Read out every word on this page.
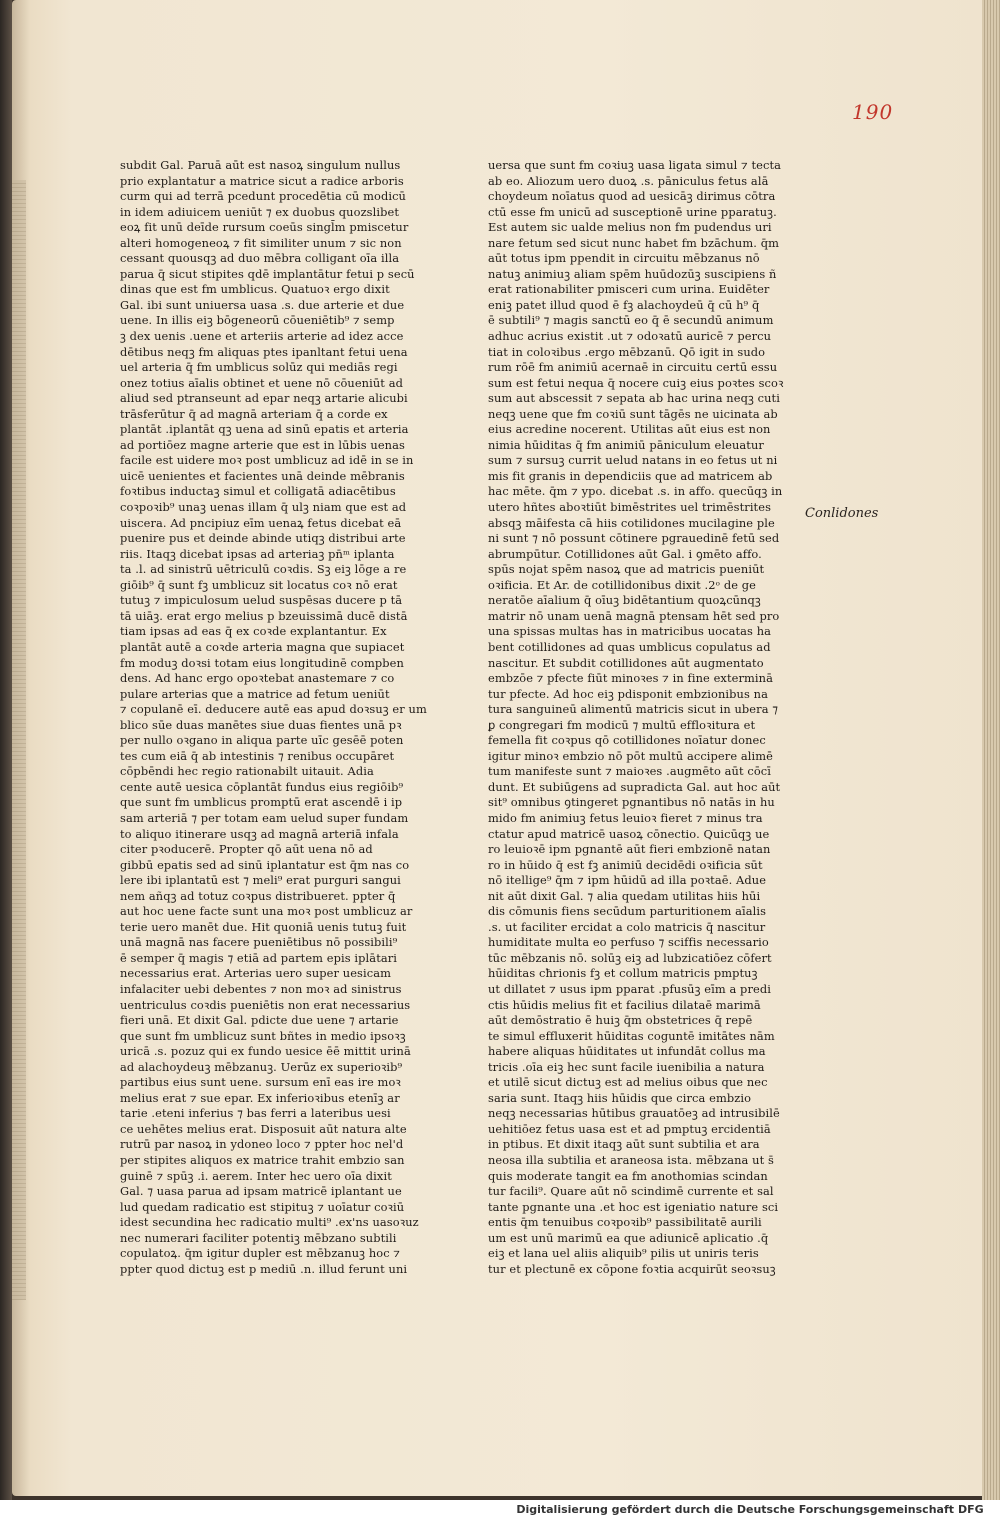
190
subdit Gal. Paruā aūt est nasoꝝ singulum nullus
prio explantatur a matrice sicut a radice arboris
curm qui ad terrā pcedunt procedētia cū modicū
in idem adiuicem ueniūt ⁊ ex duobus quozslibet
eoꝝ fit unū deīde rursum coeūs singl̄m pmiscetur
alteri homogeneoꝝ ⁊ fit similiter unum ⁊ sic non
cessant quousqꝫ ad duo mēbra colligant oīa illa
parua q̄ sicut stipites qdē implantātur fetui p secū
dinas que est fm umblicus. Quatuoꝛ ergo dixit
Gal. ibi sunt uniuersa uasa .s. due arterie et due
uene. In illis eiꝫ bōgeneorū cōueniētib⁹ ⁊ semp
ꝫ dex uenis .uene et arteriis arterie ad idez acce
dētibus neqꝫ fm aliquas ptes ipanltant fetui uena
uel arteria q̄ fm umblicus solūz qui mediās regi
onez totius aīalis obtinet et uene nō cōueniūt ad
aliud sed ptranseunt ad epar neqꝫ artarie alicubi
trāsferūtur q̄ ad magnā arteriam q̄ a corde ex
plantāt .iplantāt qꝫ uena ad sinū epatis et arteria
ad portiōez magne arterie que est in lūbis uenas
facile est uidere moꝛ post umblicuz ad idē in se in
uicē uenientes et facientes unā deinde mēbranis
foꝛtibus inductaꝫ simul et colligatā adiacētibus
coꝛpoꝛib⁹ unaꝫ uenas illam q̄ ulꝫ niam que est ad
uiscera. Ad pncipiuz eīm uenaꝝ fetus dicebat eā
puenire pus et deinde abinde utiqꝫ distribui arte
riis. Itaqꝫ dicebat ipsas ad arteriaꝫ pn̄ᵐ iplanta
ta .l. ad sinistrū uētriculū coꝛdis. Sꝫ eiꝫ lōge a re
giōib⁹ q̄ sunt fꝫ umblicuz sit locatus coꝛ nō erat
tutuꝫ ⁊ impiculosum uelud suspēsas ducere p tā
tā uiāꝫ. erat ergo melius p bzeuissimā ducē distā
tiam ipsas ad eas q̄ ex coꝛde explantantur. Ex
plantāt autē a coꝛde arteria magna que supiacet
fm moduꝫ doꝛsi totam eius longitudinē compben
dens. Ad hanc ergo opoꝛtebat anastemare ⁊ co
pulare arterias que a matrice ad fetum ueniūt
⁊ copulanē eī. deducere autē eas apud doꝛsuꝫ er um
blico sūe duas manētes siue duas fientes unā pꝛ
per nullo oꝛgano in aliqua parte uīc gesēē poten
tes cum eiā q̄ ab intestinis ⁊ renibus occupāret
cōpbēndi hec regio rationabilt uitauit. Adia
cente autē uesica cōplantāt fundus eius regiōib⁹
que sunt fm umblicus promptū erat ascendē i ip
sam arteriā ⁊ per totam eam uelud super fundam
to aliquo itinerare usqꝫ ad magnā arteriā infala
citer pꝛoducerē. Propter qō aūt uena nō ad
gibbū epatis sed ad sinū iplantatur est q̄m nas co
lere ibi iplantatū est ⁊ meli⁹ erat purguri sangui
nem añqꝫ ad totuz coꝛpus distribueret. ppter q̄
aut hoc uene facte sunt una moꝛ post umblicuz ar
terie uero manēt due. Hit quoniā uenis tutuꝫ fuit
unā magnā nas facere pueniētibus nō possibili⁹
ē semper q̄ magis ⁊ etiā ad partem epis iplātari
necessarius erat. Arterias uero super uesicam
infalaciter uebi debentes ⁊ non moꝛ ad sinistrus
uentriculus coꝛdis pueniētis non erat necessarius
fieri unā. Et dixit Gal. pdicte due uene ⁊ artarie
que sunt fm umblicuz sunt bñtes in medio ipsoꝛꝫ
uricā .s. pozuz qui ex fundo uesice ēē mittit urinā
ad alachoydeuꝫ mēbzanuꝫ. Uerūz ex superioꝛib⁹
partibus eius sunt uene. sursum enī eas ire moꝛ
melius erat ⁊ sue epar. Ex inferioꝛibus etenīꝫ ar
tarie .eteni inferius ⁊ bas ferri a lateribus uesi
ce uehētes melius erat. Disposuit aūt natura alte
rutrū par nasoꝝ in ydoneo loco ⁊ ppter hoc nel'd
per stipites aliquos ex matrice trahit embzio san
guinē ⁊ spūꝫ .i. aerem. Inter hec uero oīa dixit
Gal. ⁊ uasa parua ad ipsam matricē iplantant ue
lud quedam radicatio est stipituꝫ ⁊ uoīatur coꝛiū
idest secundina hec radicatio multi⁹ .ex'ns uasoꝛuz
nec numerari faciliter potentiꝫ mēbzano subtili
copulatoꝝ. q̄m igitur dupler est mēbzanuꝫ hoc ⁊
ppter quod dictuꝫ est p mediū .n. illud ferunt uni
uersa que sunt fm coꝛiuꝫ uasa ligata simul ⁊ tecta
ab eo. Aliozum uero duoꝝ .s. pāniculus fetus alā
choydeum noīatus quod ad uesicāꝫ dirimus cōtra
ctū esse fm unicū ad susceptionē urine pparatuꝫ.
Est autem sic ualde melius non fm pudendus uri
nare fetum sed sicut nunc habet fm bzāchum. q̄m
aūt totus ipm ppendit in circuitu mēbzanus nō
natuꝫ animiuꝫ aliam spēm huūdozūꝫ suscipiens ñ
erat rationabiliter pmisceri cum urina. Euidēter
eniꝫ patet illud quod ē fꝫ alachoydeū q̄ cū h⁹ q̄
ē subtili⁹ ⁊ magis sanctū eo q̄ ē secundū animum
adhuc acrius existit .ut ⁊ odoꝛatū auricē ⁊ percu
tiat in coloꝛibus .ergo mēbzanū. Qō igit in sudo
rum rōē fm animiū acernaē in circuitu certū essu
sum est fetui nequa q̄ nocere cuiꝫ eius poꝛtes scoꝛ
sum aut abscessit ⁊ sepata ab hac urina neqꝫ cuti
neqꝫ uene que fm coꝛiū sunt tāgēs ne uicinata ab
eius acredine nocerent. Utilitas aūt eius est non
nimia hūiditas q̄ fm animiū pāniculum eleuatur
sum ⁊ sursuꝫ currit uelud natans in eo fetus ut ni
mis fit granis in dependiciis que ad matricem ab
hac mēte. q̄m ⁊ ypo. dicebat .s. in affo. quecūqꝫ in
utero hñtes aboꝛtiūt bimēstrites uel trimēstrites
absqꝫ māifesta cā hiis cotilidones mucilagine ple
ni sunt ⁊ nō possunt cōtinere pgrauedinē fetū sed
abrumpūtur. Cotillidones aūt Gal. i ꝯmēto affo.
spūs nojat spēm nasoꝝ que ad matricis pueniūt
oꝛificia. Et Ar. de cotillidonibus dixit .2ᵒ de ge
neratōe aīalium q̄ oīuꝫ bidētantium quoꝝcūnqꝫ
matrir nō unam uenā magnā ptensam hēt sed pro
una spissas multas has in matricibus uocatas ha
bent cotillidones ad quas umblicus copulatus ad
nascitur. Et subdit cotillidones aūt augmentato
embzōe ⁊ pfecte fiūt minoꝛes ⁊ in fine exterminā
tur pfecte. Ad hoc eiꝫ pdisponit embzionibus na
tura sanguineū alimentū matricis sicut in ubera ⁊
ꝑ congregari fm modicū ⁊ multū effloꝛitura et
femella fit coꝛpus qō cotillidones noīatur donec
igitur minoꝛ embzio nō pōt multū accipere alimē
tum manifeste sunt ⁊ maioꝛes .augmēto aūt cōcī
dunt. Et subiūgens ad supradicta Gal. aut hoc aūt
sit⁹ omnibus ꝯtingeret pgnantibus nō natās in hu
mido fm animiuꝫ fetus leuioꝛ fieret ⁊ minus tra
ctatur apud matricē uasoꝝ cōnectio. Quicūqꝫ ue
ro leuioꝛē ipm pgnantē aūt fieri embzionē natan
ro in hūido q̄ est fꝫ animiū decidēdi oꝛificia sūt
nō itellige⁹ q̄m ⁊ ipm hūidū ad illa poꝛtaē. Adue
nit aūt dixit Gal. ⁊ alia quedam utilitas hiis hūi
dis cōmunis fiens secūdum parturitionem aīalis
.s. ut faciliter ercidat a colo matricis q̄ nascitur
humiditate multa eo perfuso ⁊ sciffis necessario
tūc mēbzanis nō. solūꝫ eiꝫ ad lubzicatiōez cōfert
hūiditas cħrionis fꝫ et collum matricis pmptuꝫ
ut dillatet ⁊ usus ipm pparat .pfusūꝫ eīm a predi
ctis hūidis melius fit et facilius dilataē marimā
aūt demōstratio ē huiꝫ q̄m obstetrices q̄ repē
te simul effluxerit hūiditas coguntē imitātes nām
habere aliquas hūiditates ut infundāt collus ma
tricis .oīa eiꝫ hec sunt facile iuenibilia a natura
et utilē sicut dictuꝫ est ad melius oibus que nec
saria sunt. Itaqꝫ hiis hūidis que circa embzio
neqꝫ necessarias hūtibus grauatōeꝫ ad intrusibilē
uehitiōez fetus uasa est et ad pmptuꝫ ercidentiā
in ptibus. Et dixit itaqꝫ aūt sunt subtilia et ara
neosa illa subtilia et araneosa ista. mēbzana ut s̄
quis moderate tangit ea fm anothomias scindan
tur facili⁹. Quare aūt nō scindimē currente et sal
tante pgnante una .et hoc est igeniatio nature sci
entis q̄m tenuibus coꝛpoꝛib⁹ passibilitatē aurili
um est unū marimū ea que adiunicē aplicatio .q̄
eiꝫ et lana uel aliis aliquib⁹ pilis ut uniris teris
tur et plectunē ex cōpone foꝛtia acquirūt seoꝛsuꝫ
Conlidones
Digitalisierung gefördert durch die Deutsche Forschungsgemeinschaft DFG
